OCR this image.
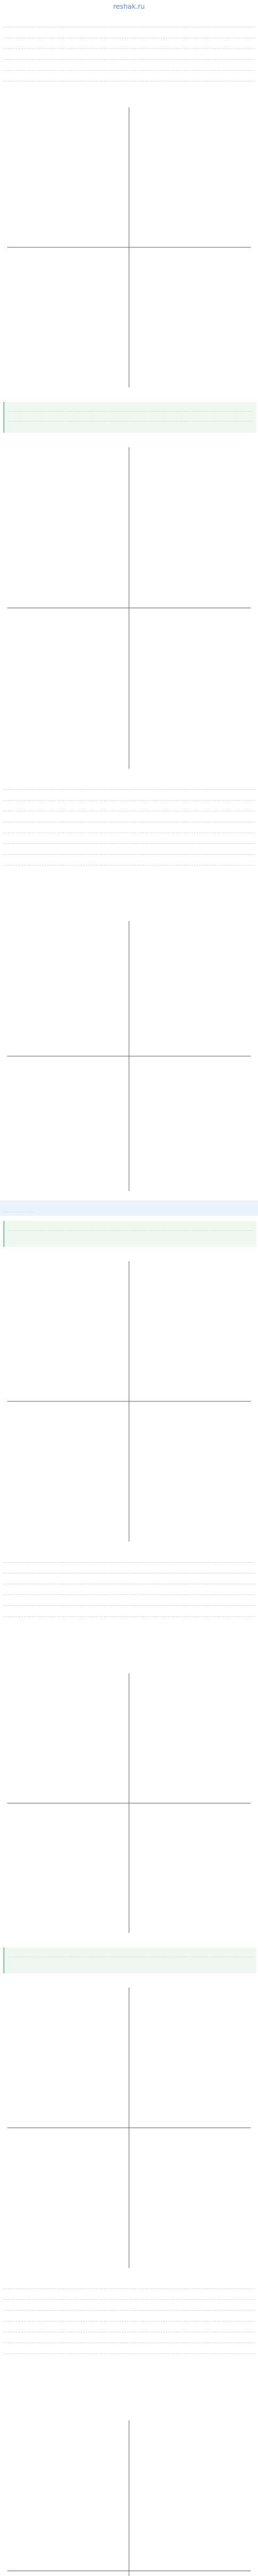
reshak.ru
